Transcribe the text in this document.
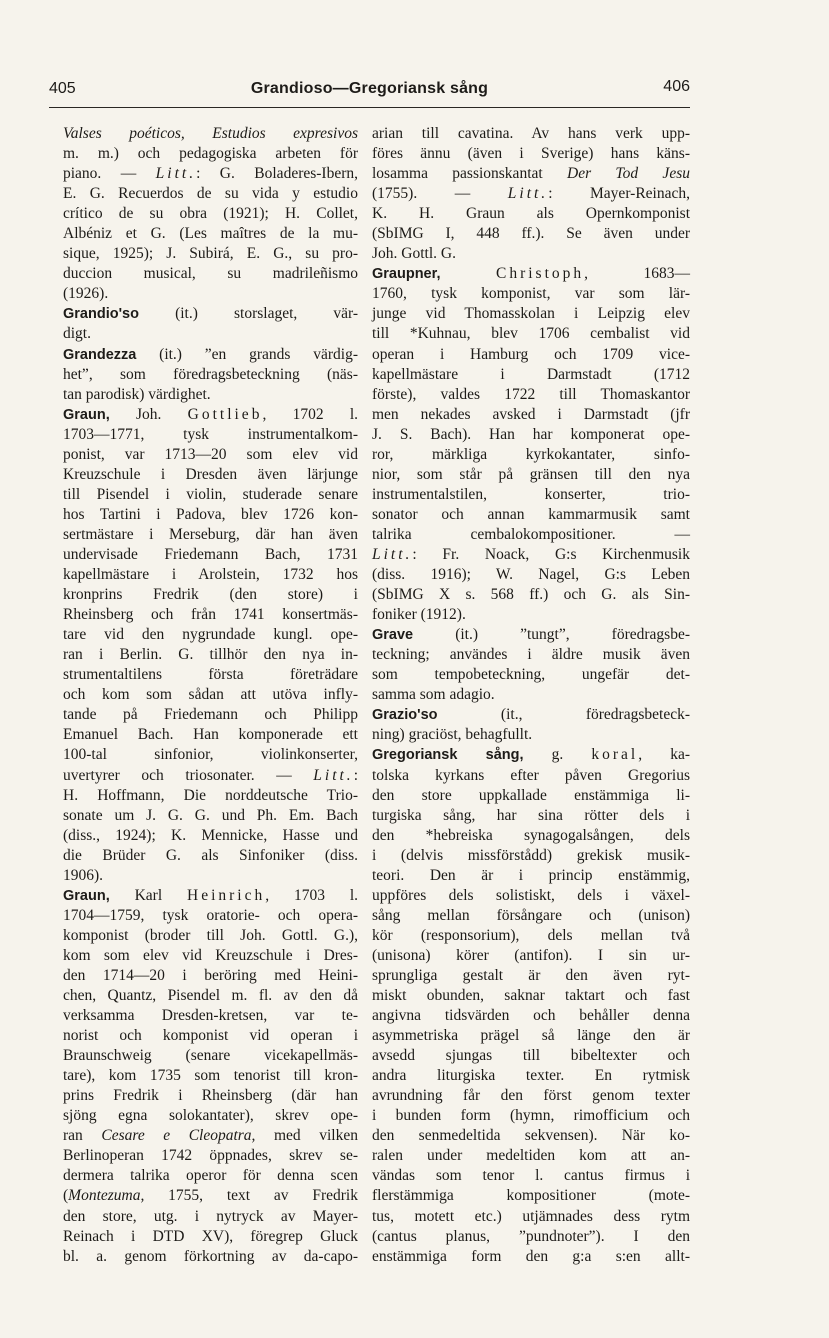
405	Grandioso—Gregoriansk sång	406
Valses poéticos, Estudios expresivos
m. m.) och pedagogiska arbeten för
piano. — Litt.: G. Boladeres-Ibern,
E. G. Recuerdos de su vida y estudio
crítico de su obra (1921); H. Collet,
Albéniz et G. (Les maîtres de la mu-
sique, 1925); J. Subirá, E. G., su pro-
duccion musical, su madrileñismo
(1926).
Grandio'so (it.) storslaget, vär-
digt.
Grandezza (it.) ”en grands värdig-
het”, som föredragsbeteckning (näs-
tan parodisk) värdighet.
Graun, Joh. Gottlieb, 1702 l.
1703—1771, tysk instrumentalkom-
ponist, var 1713—20 som elev vid
Kreuzschule i Dresden även lärjunge
till Pisendel i violin, studerade senare
hos Tartini i Padova, blev 1726 kon-
sertmästare i Merseburg, där han även
undervisade Friedemann Bach, 1731
kapellmästare i Arolstein, 1732 hos
kronprins Fredrik (den store) i
Rheinsberg och från 1741 konsertmäs-
tare vid den nygrundade kungl. ope-
ran i Berlin. G. tillhör den nya in-
strumentaltilens första företrädare
och kom som sådan att utöva infly-
tande på Friedemann och Philipp
Emanuel Bach. Han komponerade ett
100-tal sinfonior, violinkonserter,
uvertyrer och triosonater. — Litt.:
H. Hoffmann, Die norddeutsche Trio-
sonate um J. G. G. und Ph. Em. Bach
(diss., 1924); K. Mennicke, Hasse und
die Brüder G. als Sinfoniker (diss.
1906).
Graun, Karl Heinrich, 1703 l.
1704—1759, tysk oratorie- och opera-
komponist (broder till Joh. Gottl. G.),
kom som elev vid Kreuzschule i Dres-
den 1714—20 i beröring med Heini-
chen, Quantz, Pisendel m. fl. av den då
verksamma Dresden-kretsen, var te-
norist och komponist vid operan i
Braunschweig (senare vicekapellmäs-
tare), kom 1735 som tenorist till kron-
prins Fredrik i Rheinsberg (där han
sjöng egna solokantater), skrev ope-
ran Cesare e Cleopatra, med vilken
Berlinoperan 1742 öppnades, skrev se-
dermera talrika operor för denna scen
(Montezuma, 1755, text av Fredrik
den store, utg. i nytryck av Mayer-
Reinach i DTD XV), föregrep Gluck
bl. a. genom förkortning av da-capo-
arian till cavatina. Av hans verk upp-
föres ännu (även i Sverige) hans käns-
losamma passionskantat Der Tod Jesu
(1755). — Litt.: Mayer-Reinach,
K. H. Graun als Opernkomponist
(SbIMG I, 448 ff.). Se även under
Joh. Gottl. G.
Graupner,	Christoph, 1683—
1760, tysk komponist, var som lär-
junge vid Thomasskolan i Leipzig elev
till *Kuhnau, blev 1706 cembalist vid
operan i Hamburg och 1709 vice-
kapellmästare i Darmstadt (1712
förste), valdes 1722 till Thomaskantor
men nekades avsked i Darmstadt (jfr
J. S. Bach). Han har komponerat ope-
ror, märkliga kyrkokantater, sinfo-
nior, som står på gränsen till den nya
instrumentalstilen, konserter, trio-
sonator och annan kammarmusik samt
talrika cembalokompositioner. —
Litt.: Fr. Noack, G:s Kirchenmusik
(diss. 1916); W. Nagel, G:s Leben
(SbIMG X s. 568 ff.) och G. als Sin-
foniker (1912).
Grave (it.) ”tungt”, föredragsbe-
teckning; användes i äldre musik även
som tempobeteckning, ungefär det-
samma som adagio.
Grazio'so (it., föredragsbeteck-
ning) graciöst, behagfullt.
Gregoriansk sång, g. koral, ka-
tolska kyrkans efter påven Gregorius
den store uppkallade enstämmiga li-
turgiska sång, har sina rötter dels i
den *hebreiska synagogalsången, dels
i (delvis missförstådd) grekisk musik-
teori. Den är i princip enstämmig,
uppföres dels solistiskt, dels i växel-
sång mellan försångare och (unison)
kör (responsorium), dels mellan två
(unisona) körer (antifon). I sin ur-
sprungliga gestalt är den även ryt-
miskt obunden, saknar taktart och fast
angivna tidsvärden och behåller denna
asymmetriska prägel så länge den är
avsedd sjungas till bibeltexter och
andra liturgiska texter. En rytmisk
avrundning får den först genom texter
i bunden form (hymn, rimofficium och
den senmedeltida sekvensen). När ko-
ralen under medeltiden kom att an-
vändas som tenor l. cantus firmus i
flerstämmiga kompositioner (mote-
tus, motett etc.) utjämnades dess rytm
(cantus planus, ”pundnoter”). I den
enstämmiga form den g:a s:en allt-
